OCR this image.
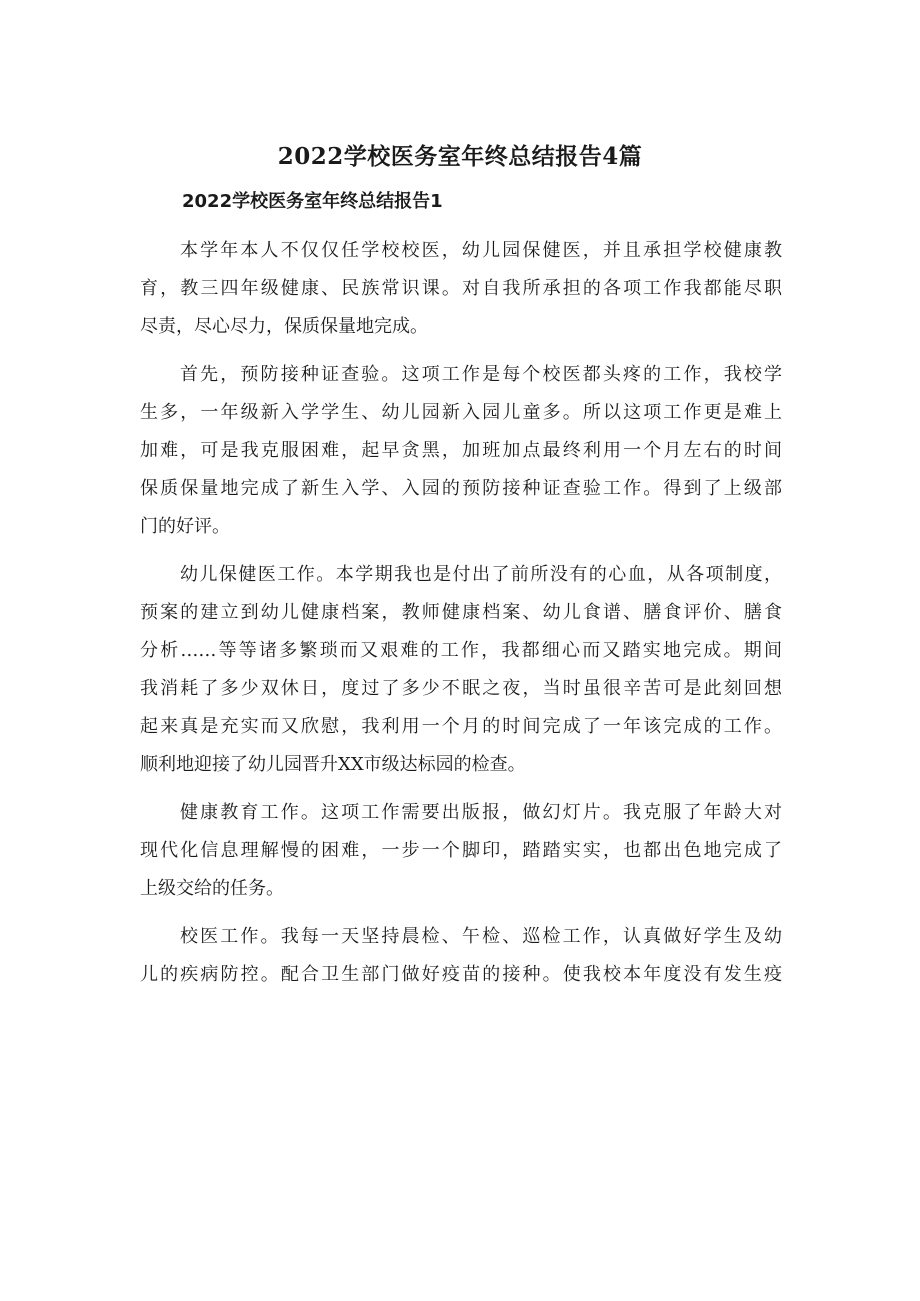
2022学校医务室年终总结报告4篇
2022学校医务室年终总结报告1
本学年本人不仅仅任学校校医，幼儿园保健医，并且承担学校健康教
育，教三四年级健康、民族常识课。对自我所承担的各项工作我都能尽职
尽责，尽心尽力，保质保量地完成。
首先，预防接种证查验。这项工作是每个校医都头疼的工作，我校学
生多，一年级新入学学生、幼儿园新入园儿童多。所以这项工作更是难上
加难，可是我克服困难，起早贪黑，加班加点最终利用一个月左右的时间
保质保量地完成了新生入学、入园的预防接种证查验工作。得到了上级部
门的好评。
幼儿保健医工作。本学期我也是付出了前所没有的心血，从各项制度，
预案的建立到幼儿健康档案，教师健康档案、幼儿食谱、膳食评价、膳食
分析……等等诸多繁琐而又艰难的工作，我都细心而又踏实地完成。期间
我消耗了多少双休日，度过了多少不眠之夜，当时虽很辛苦可是此刻回想
起来真是充实而又欣慰，我利用一个月的时间完成了一年该完成的工作。
顺利地迎接了幼儿园晋升XX市级达标园的检查。
健康教育工作。这项工作需要出版报，做幻灯片。我克服了年龄大对
现代化信息理解慢的困难，一步一个脚印，踏踏实实，也都出色地完成了
上级交给的任务。
校医工作。我每一天坚持晨检、午检、巡检工作，认真做好学生及幼
儿的疾病防控。配合卫生部门做好疫苗的接种。使我校本年度没有发生疫
